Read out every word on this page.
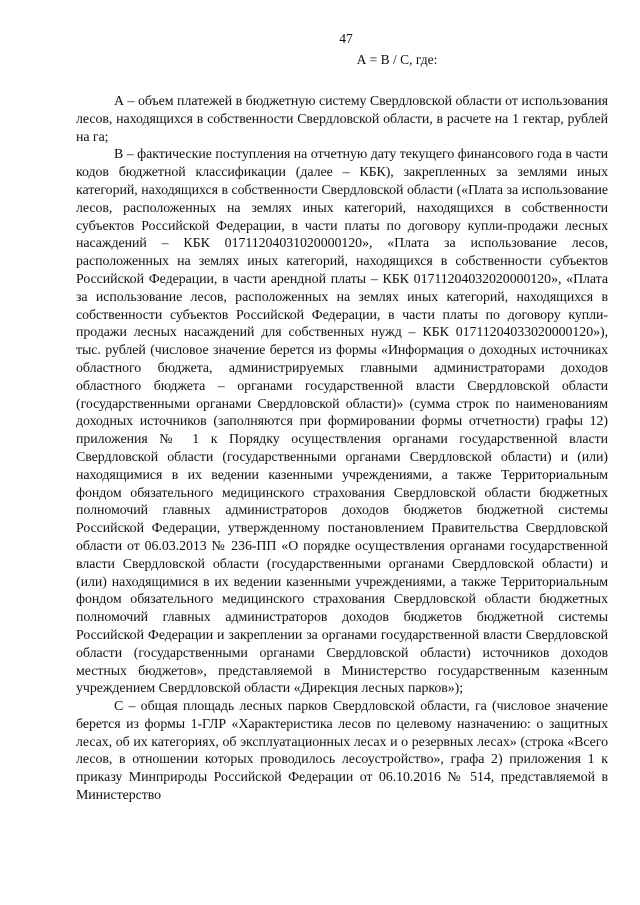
47
А = В / С, где:

А – объем платежей в бюджетную систему Свердловской области от использования лесов, находящихся в собственности Свердловской области, в расчете на 1 гектар, рублей на га;

В – фактические поступления на отчетную дату текущего финансового года в части кодов бюджетной классификации (далее – КБК), закрепленных за землями иных категорий, находящихся в собственности Свердловской области («Плата за использование лесов, расположенных на землях иных категорий, находящихся в собственности субъектов Российской Федерации, в части платы по договору купли-продажи лесных насаждений – КБК 01711204031020000120», «Плата за использование лесов, расположенных на землях иных категорий, находящихся в собственности субъектов Российской Федерации, в части арендной платы – КБК 01711204032020000120», «Плата за использование лесов, расположенных на землях иных категорий, находящихся в собственности субъектов Российской Федерации, в части платы по договору купли-продажи лесных насаждений для собственных нужд – КБК 01711204033020000120»), тыс. рублей (числовое значение берется из формы «Информация о доходных источниках областного бюджета, администрируемых главными администраторами доходов областного бюджета – органами государственной власти Свердловской области (государственными органами Свердловской области)» (сумма строк по наименованиям доходных источников (заполняются при формировании формы отчетности) графы 12) приложения № 1 к Порядку осуществления органами государственной власти Свердловской области (государственными органами Свердловской области) и (или) находящимися в их ведении казенными учреждениями, а также Территориальным фондом обязательного медицинского страхования Свердловской области бюджетных полномочий главных администраторов доходов бюджетов бюджетной системы Российской Федерации, утвержденному постановлением Правительства Свердловской области от 06.03.2013 № 236-ПП «О порядке осуществления органами государственной власти Свердловской области (государственными органами Свердловской области) и (или) находящимися в их ведении казенными учреждениями, а также Территориальным фондом обязательного медицинского страхования Свердловской области бюджетных полномочий главных администраторов доходов бюджетов бюджетной системы Российской Федерации и закреплении за органами государственной власти Свердловской области (государственными органами Свердловской области) источников доходов местных бюджетов», представляемой в Министерство государственным казенным учреждением Свердловской области «Дирекция лесных парков»);

С – общая площадь лесных парков Свердловской области, га (числовое значение берется из формы 1-ГЛР «Характеристика лесов по целевому назначению: о защитных лесах, об их категориях, об эксплуатационных лесах и о резервных лесах» (строка «Всего лесов, в отношении которых проводилось лесоустройство», графа 2) приложения 1 к приказу Минприроды Российской Федерации от 06.10.2016 № 514, представляемой в Министерство
